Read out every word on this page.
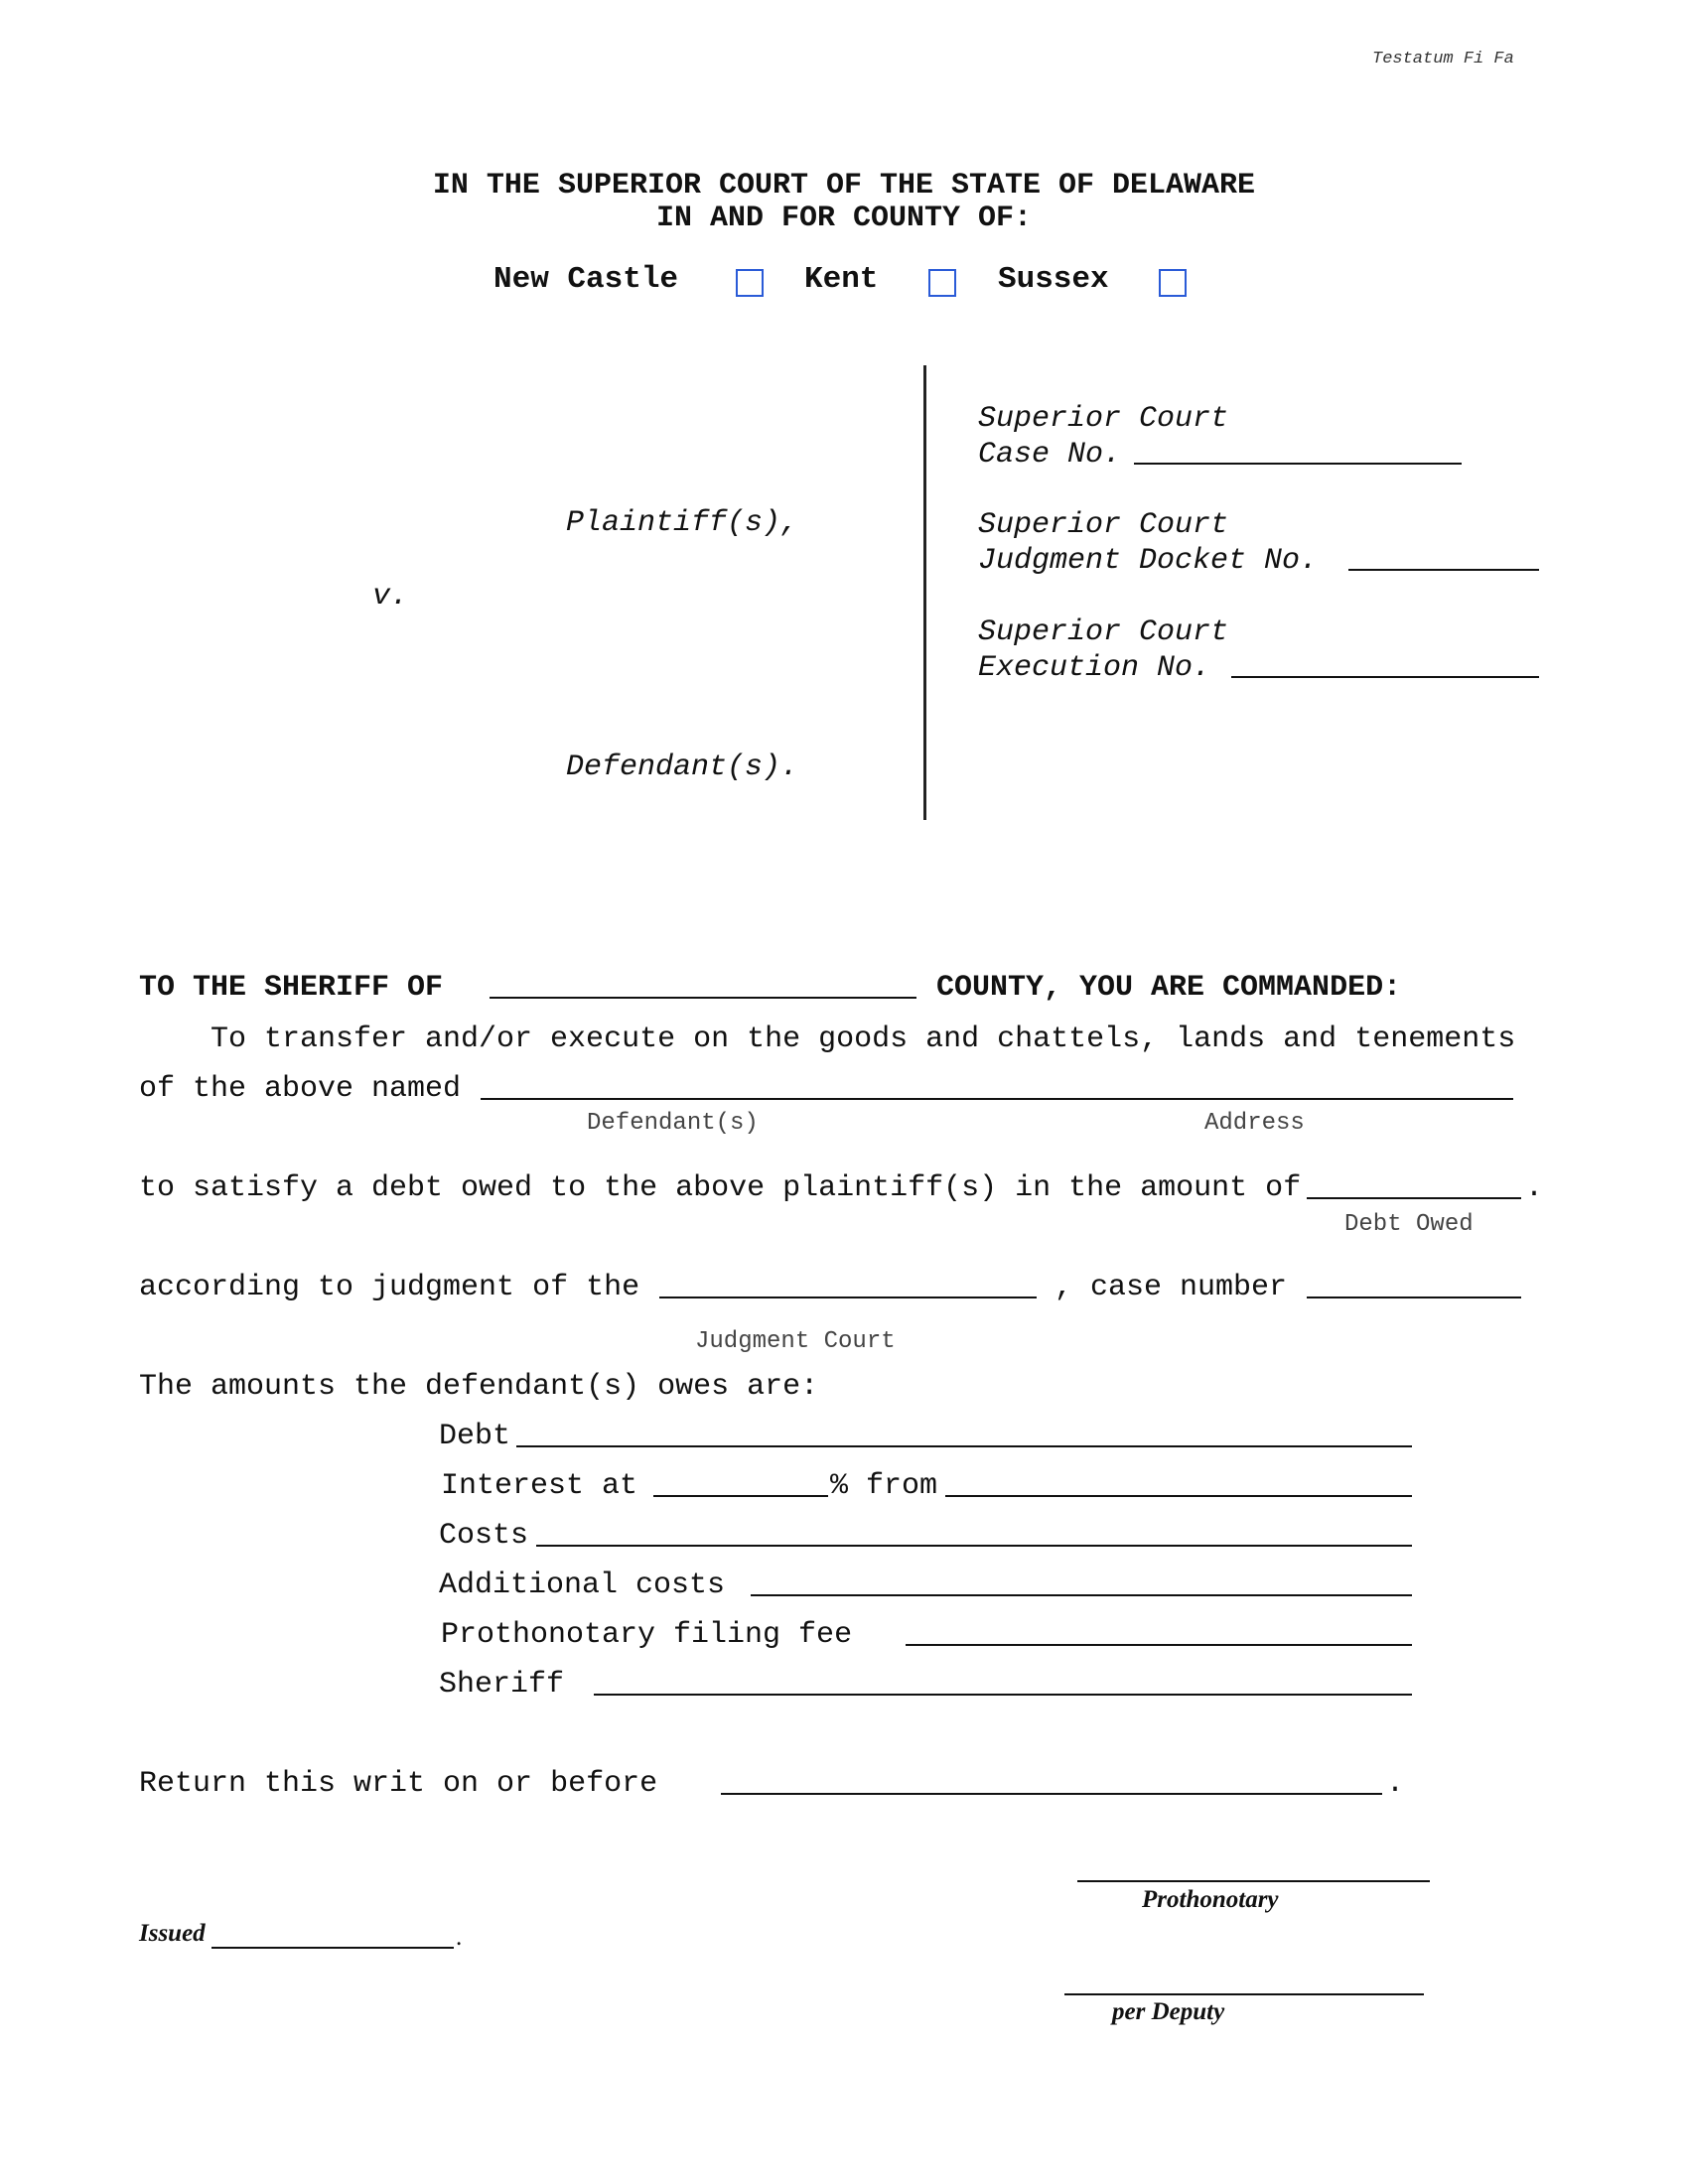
Testatum Fi Fa
IN THE SUPERIOR COURT OF THE STATE OF DELAWARE
IN AND FOR COUNTY OF:
New Castle	Kent	Sussex
Plaintiff(s),
v.
Defendant(s).
Superior Court
Case No.
Superior Court
Judgment Docket No.
Superior Court
Execution No.
TO THE SHERIFF OF	COUNTY, YOU ARE COMMANDED:
To transfer and/or execute on the goods and chattels, lands and tenements
of the above named
Defendant(s)	Address
to satisfy a debt owed to the above plaintiff(s) in the amount of	.
Debt Owed
according to judgment of the	, case number
Judgment Court
The amounts the defendant(s) owes are:
Debt
Interest at	% from
Costs
Additional costs
Prothonotary filing fee
Sheriff
Return this writ on or before	.
Prothonotary
Issued	.
per Deputy
